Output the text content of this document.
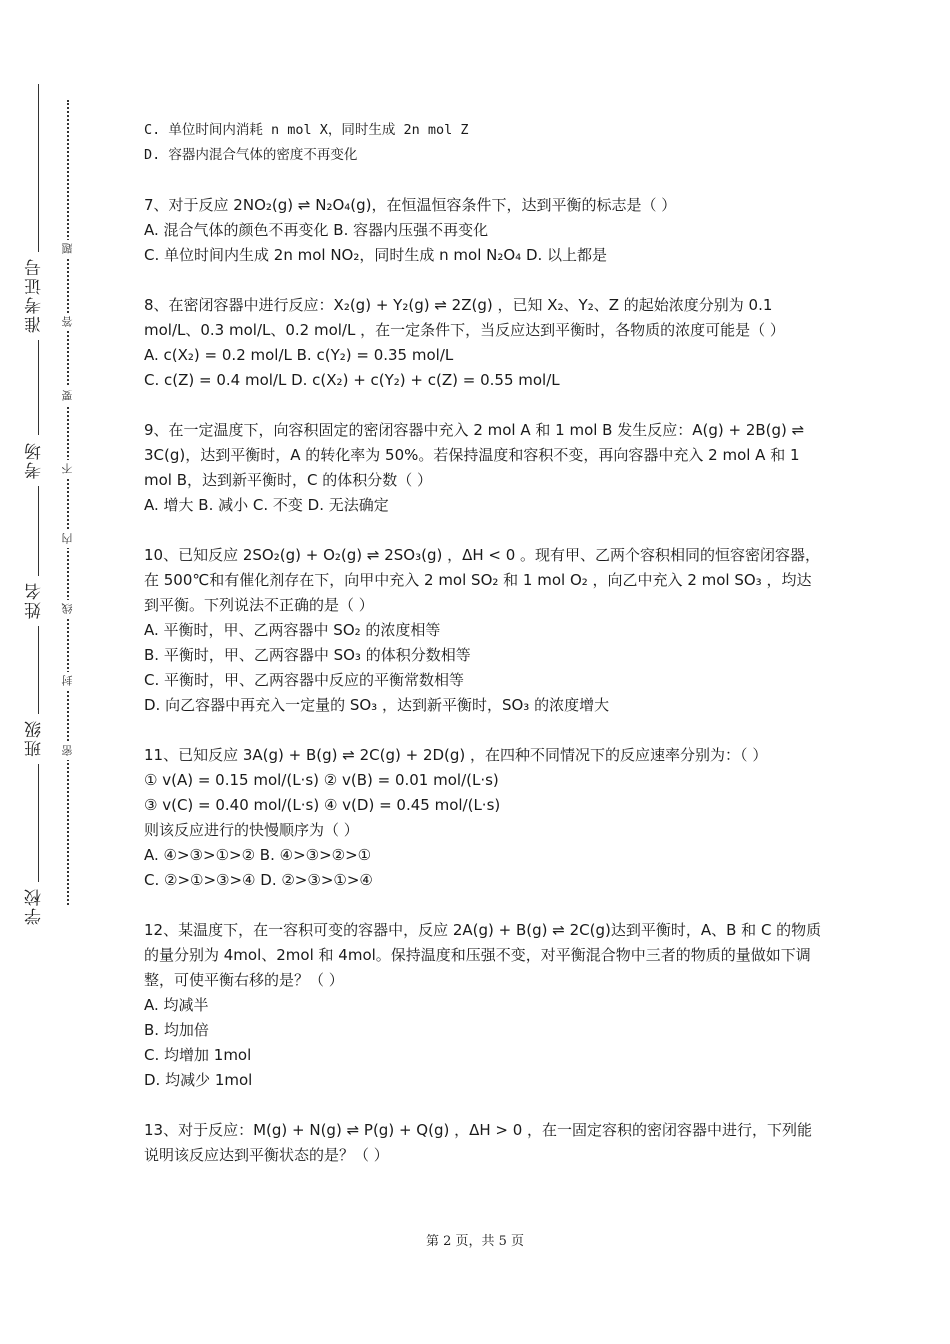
准考证号
考场
姓名
班级
学校
题
答
要
不
内
线
封
密

C. 单位时间内消耗 n mol X，同时生成 2n mol Z

D. 容器内混合气体的密度不再变化

7、对于反应 2NO₂(g) ⇌ N₂O₄(g)，在恒温恒容条件下，达到平衡的标志是（ ）

A. 混合气体的颜色不再变化 B. 容器内压强不再变化

C. 单位时间内生成 2n mol NO₂，同时生成 n mol N₂O₄ D. 以上都是

8、在密闭容器中进行反应：X₂(g) + Y₂(g) ⇌ 2Z(g) ，已知 X₂、Y₂、Z 的起始浓度分别为 0.1 mol/L、0.3 mol/L、0.2 mol/L ，在一定条件下，当反应达到平衡时，各物质的浓度可能是（ ）

A. c(X₂) = 0.2 mol/L B. c(Y₂) = 0.35 mol/L

C. c(Z) = 0.4 mol/L D. c(X₂) + c(Y₂) + c(Z) = 0.55 mol/L

9、在一定温度下，向容积固定的密闭容器中充入 2 mol A 和 1 mol B 发生反应：A(g) + 2B(g) ⇌ 3C(g)，达到平衡时，A 的转化率为 50%。若保持温度和容积不变，再向容器中充入 2 mol A 和 1 mol B，达到新平衡时，C 的体积分数（ ）

A. 增大 B. 减小 C. 不变 D. 无法确定

10、已知反应 2SO₂(g) + O₂(g) ⇌ 2SO₃(g) ，ΔH < 0 。现有甲、乙两个容积相同的恒容密闭容器，在 500℃和有催化剂存在下，向甲中充入 2 mol SO₂ 和 1 mol O₂ ，向乙中充入 2 mol SO₃ ，均达到平衡。下列说法不正确的是（ ）

A. 平衡时，甲、乙两容器中 SO₂ 的浓度相等

B. 平衡时，甲、乙两容器中 SO₃ 的体积分数相等

C. 平衡时，甲、乙两容器中反应的平衡常数相等

D. 向乙容器中再充入一定量的 SO₃ ，达到新平衡时，SO₃ 的浓度增大

11、已知反应 3A(g) + B(g) ⇌ 2C(g) + 2D(g) ，在四种不同情况下的反应速率分别为：（ ）

① v(A) = 0.15 mol/(L·s) ② v(B) = 0.01 mol/(L·s)

③ v(C) = 0.40 mol/(L·s) ④ v(D) = 0.45 mol/(L·s)

则该反应进行的快慢顺序为（ ）

A. ④>③>①>② B. ④>③>②>①

C. ②>①>③>④ D. ②>③>①>④

12、某温度下，在一容积可变的容器中，反应 2A(g) + B(g) ⇌ 2C(g)达到平衡时，A、B 和 C 的物质的量分别为 4mol、2mol 和 4mol。保持温度和压强不变，对平衡混合物中三者的物质的量做如下调整，可使平衡右移的是？（ ）

A. 均减半

B. 均加倍

C. 均增加 1mol

D. 均减少 1mol

13、对于反应：M(g) + N(g) ⇌ P(g) + Q(g) ，ΔH > 0 ，在一固定容积的密闭容器中进行，下列能说明该反应达到平衡状态的是？（ ）

第 2 页，共 5 页
